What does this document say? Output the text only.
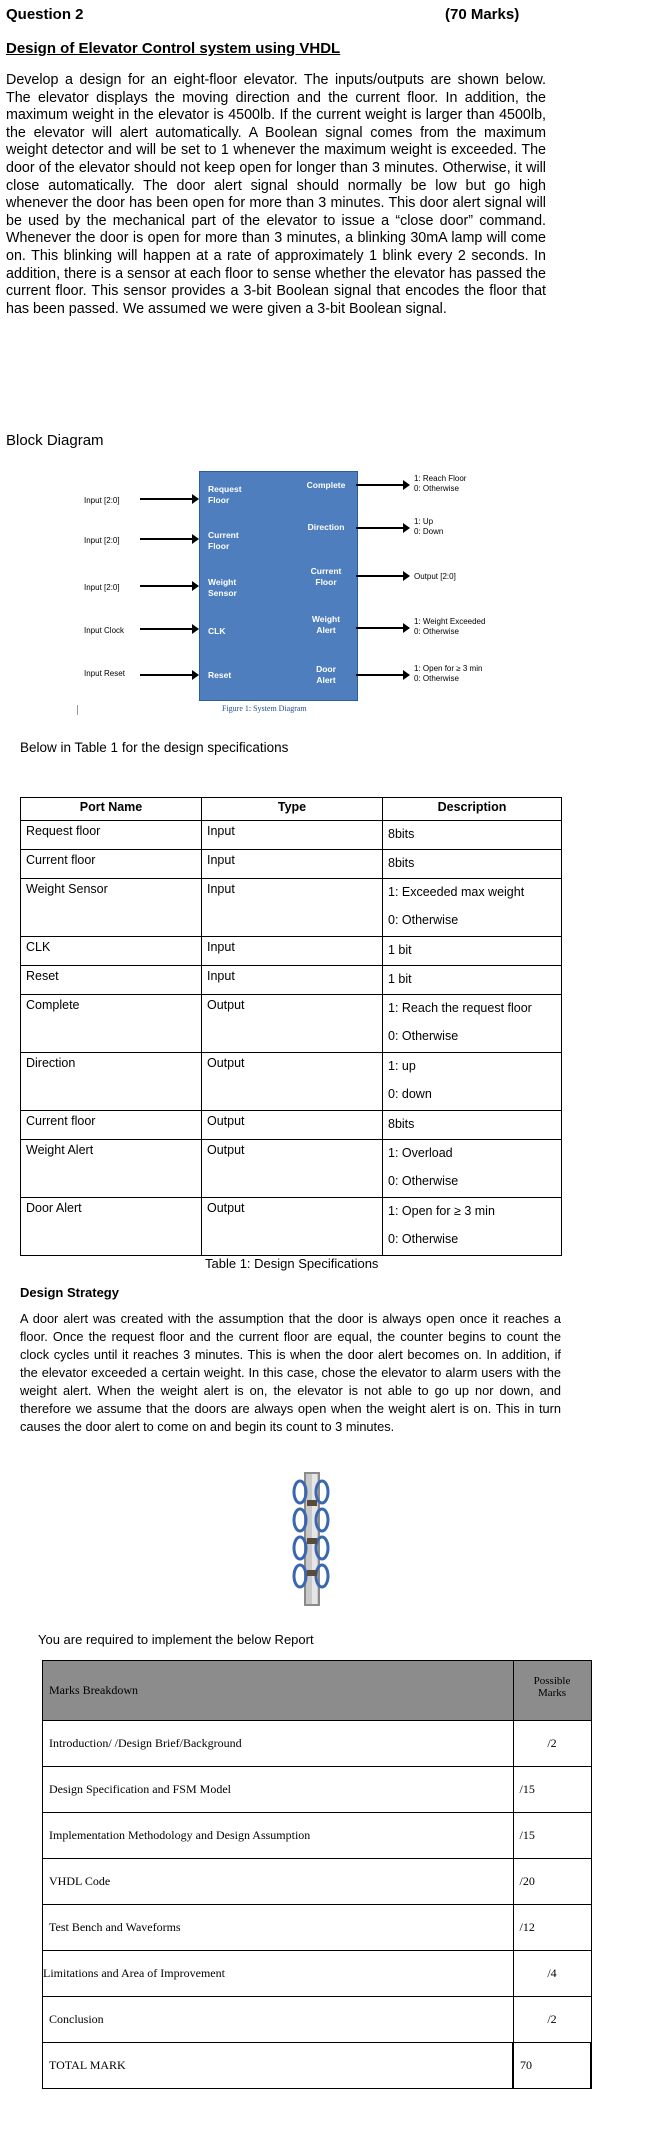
Question 2	(70 Marks)
Design of Elevator Control system using VHDL
Develop a design for an eight-floor elevator. The inputs/outputs are shown below. The elevator displays the moving direction and the current floor. In addition, the maximum weight in the elevator is 4500lb. If the current weight is larger than 4500lb, the elevator will alert automatically. A Boolean signal comes from the maximum weight detector and will be set to 1 whenever the maximum weight is exceeded. The door of the elevator should not keep open for longer than 3 minutes. Otherwise, it will close automatically. The door alert signal should normally be low but go high whenever the door has been open for more than 3 minutes. This door alert signal will be used by the mechanical part of the elevator to issue a “close door” command. Whenever the door is open for more than 3 minutes, a blinking 30mA lamp will come on. This blinking will happen at a rate of approximately 1 blink every 2 seconds. In addition, there is a sensor at each floor to sense whether the elevator has passed the current floor. This sensor provides a 3-bit Boolean signal that encodes the floor that has been passed. We assumed we were given a 3-bit Boolean signal.
Block Diagram
Input [2:0]
Input [2:0]
Input [2:0]
Input Clock
Input Reset
Request
Floor
Current
Floor
Weight
Sensor
CLK
Reset
Complete
Direction
Current
Floor
Weight
Alert
Door
Alert
1: Reach Floor
0: Otherwise
1: Up
0: Down
Output [2:0]
1: Weight Exceeded
0: Otherwise
1: Open for ≥ 3 min
0: Otherwise
Figure 1: System Diagram
Below in Table 1 for the design specifications
Port Name	Type	Description
Request floor	Input	8bits

Current floor	Input	8bits

Weight Sensor	Input	1: Exceeded max weight
0: Otherwise

CLK	Input	1 bit

Reset	Input	1 bit

Complete	Output	1: Reach the request floor
0: Otherwise

Direction	Output	1: up
0: down

Current floor	Output	8bits

Weight Alert	Output	1: Overload
0: Otherwise

Door Alert	Output	1: Open for ≥ 3 min
0: Otherwise
Table 1: Design Specifications
Design Strategy
A door alert was created with the assumption that the door is always open once it reaches a floor. Once the request floor and the current floor are equal, the counter begins to count the clock cycles until it reaches 3 minutes. This is when the door alert becomes on. In addition, if the elevator exceeded a certain weight. In this case, chose the elevator to alarm users with the weight alert. When the weight alert is on, the elevator is not able to go up nor down, and therefore we assume that the doors are always open when the weight alert is on. This in turn causes the door alert to come on and begin its count to 3 minutes.
You are required to implement the below Report
Marks Breakdown	Possible Marks
Introduction/ /Design Brief/Background	/2
Design Specification and FSM Model	/15
Implementation Methodology and Design Assumption	/15
VHDL Code	/20
Test Bench and Waveforms	/12
Limitations and Area of Improvement	/4
Conclusion	/2
TOTAL MARK	70
